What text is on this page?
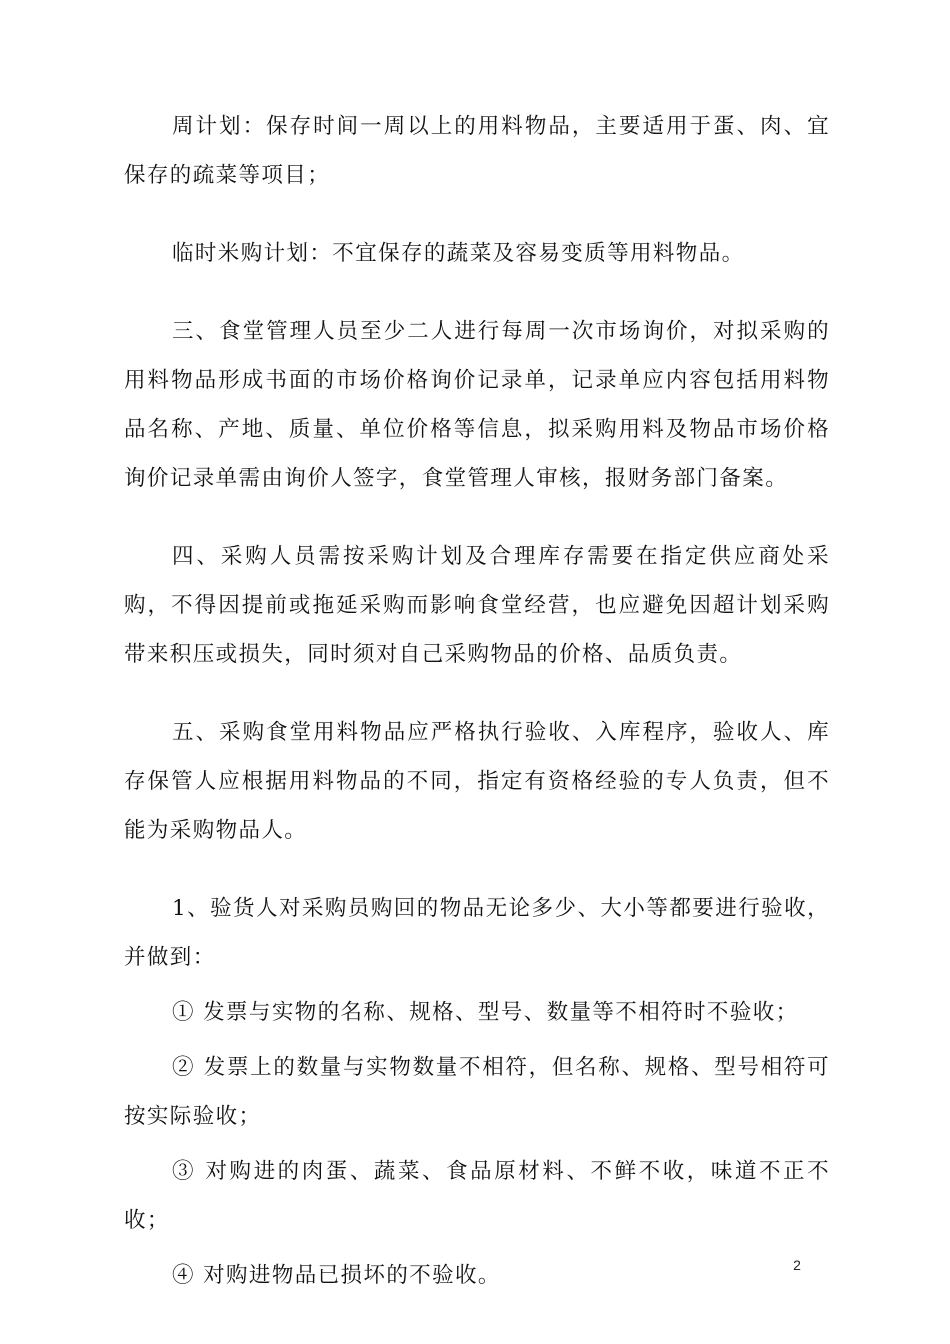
周计划：保存时间一周以上的用料物品，主要适用于蛋、肉、宜保存的疏菜等项目；

临时米购计划：不宜保存的蔬菜及容易变质等用料物品。

三、食堂管理人员至少二人进行每周一次市场询价，对拟采购的用料物品形成书面的市场价格询价记录单，记录单应内容包括用料物品名称、产地、质量、单位价格等信息，拟采购用料及物品市场价格询价记录单需由询价人签字，食堂管理人审核，报财务部门备案。

四、采购人员需按采购计划及合理库存需要在指定供应商处采购，不得因提前或拖延采购而影响食堂经营，也应避免因超计划采购带来积压或损失，同时须对自己采购物品的价格、品质负责。

五、采购食堂用料物品应严格执行验收、入库程序，验收人、库存保管人应根据用料物品的不同，指定有资格经验的专人负责，但不能为采购物品人。

1、验货人对采购员购回的物品无论多少、大小等都要进行验收，并做到：

① 发票与实物的名称、规格、型号、数量等不相符时不验收；

② 发票上的数量与实物数量不相符，但名称、规格、型号相符可按实际验收；

③ 对购进的肉蛋、蔬菜、食品原材料、不鲜不收，味道不正不收；

④ 对购进物品已损坏的不验收。	2
